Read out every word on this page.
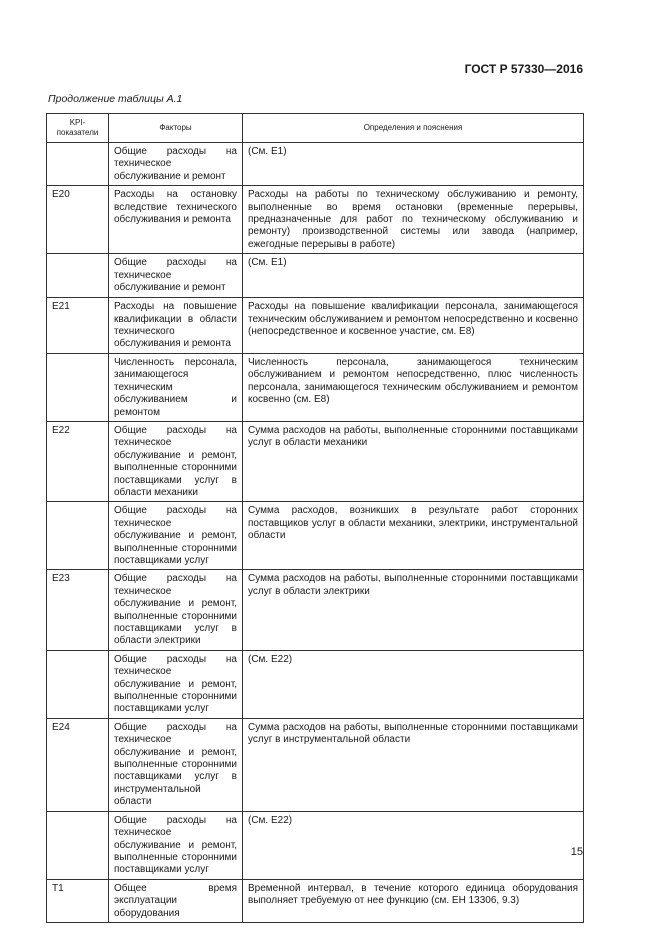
ГОСТ Р 57330—2016
Продолжение таблицы А.1
KPI-показатели	Факторы	Определения и пояснения
	Общие расходы на техническое обслуживание и ремонт	(См. Е1)
Е20	Расходы на остановку вследствие технического обслуживания и ремонта	Расходы на работы по техническому обслуживанию и ремонту, выполненные во время остановки (временные перерывы, предназначенные для работ по техническому обслуживанию и ремонту) производственной системы или завода (например, ежегодные перерывы в работе)
	Общие расходы на техническое обслуживание и ремонт	(См. Е1)
Е21	Расходы на повышение квалификации в области технического обслуживания и ремонта	Расходы на повышение квалификации персонала, занимающегося техническим обслуживанием и ремонтом непосредственно и косвенно (непосредственное и косвенное участие, см. Е8)
	Численность персонала, занимающегося техническим обслуживанием и ремонтом	Численность персонала, занимающегося техническим обслуживанием и ремонтом непосредственно, плюс численность персонала, занимающегося техническим обслуживанием и ремонтом косвенно (см. Е8)
Е22	Общие расходы на техническое обслуживание и ремонт, выполненные сторонними поставщиками услуг в области механики	Сумма расходов на работы, выполненные сторонними поставщиками услуг в области механики
	Общие расходы на техническое обслуживание и ремонт, выполненные сторонними поставщиками услуг	Сумма расходов, возникших в результате работ сторонних поставщиков услуг в области механики, электрики, инструментальной области
Е23	Общие расходы на техническое обслуживание и ремонт, выполненные сторонними поставщиками услуг в области электрики	Сумма расходов на работы, выполненные сторонними поставщиками услуг в области электрики
	Общие расходы на техническое обслуживание и ремонт, выполненные сторонними поставщиками услуг	(См. Е22)
Е24	Общие расходы на техническое обслуживание и ремонт, выполненные сторонними поставщиками услуг в инструментальной области	Сумма расходов на работы, выполненные сторонними поставщиками услуг в инструментальной области
	Общие расходы на техническое обслуживание и ремонт, выполненные сторонними поставщиками услуг	(См. Е22)
Т1	Общее время эксплуатации оборудования	Временной интервал, в течение которого единица оборудования выполняет требуемую от нее функцию (см. ЕН 13306, 9.3)
15
